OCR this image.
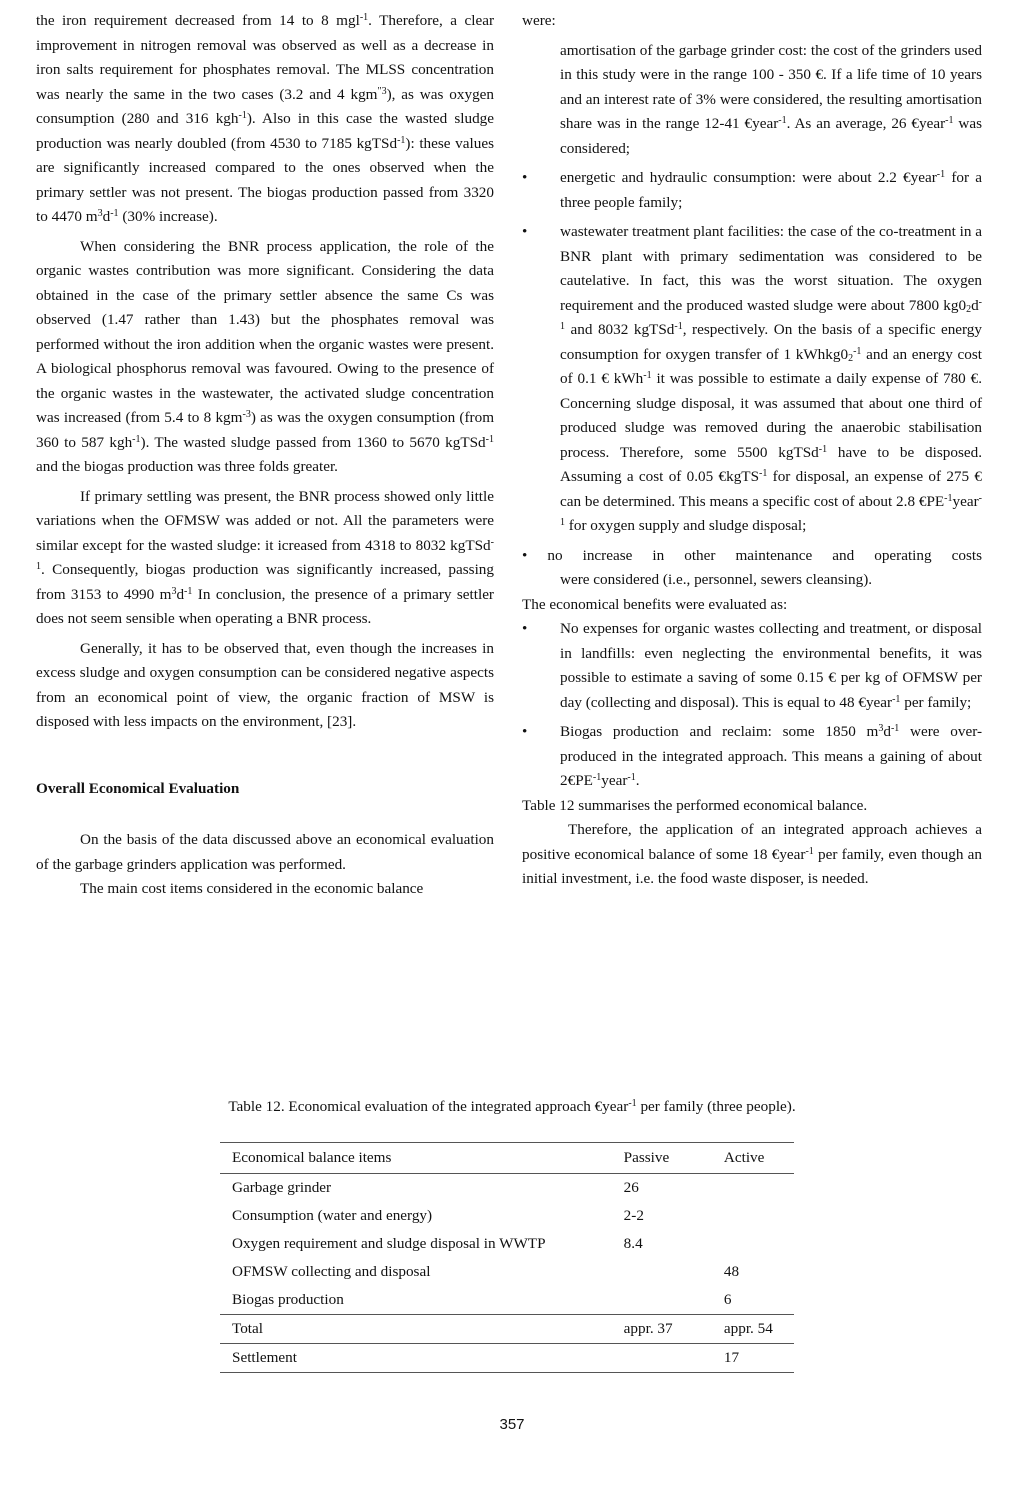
the iron requirement decreased from 14 to 8 mgl$^{-1}$. Therefore, a clear improvement in nitrogen removal was observed as well as a decrease in iron salts requirement for phosphates removal. The MLSS concentration was nearly the same in the two cases (3.2 and 4 kgm$^{"3}$), as was oxygen consumption (280 and 316 kgh$^{-1}$). Also in this case the wasted sludge production was nearly doubled (from 4530 to 7185 kgTSd$^{-1}$): these values are significantly increased compared to the ones observed when the primary settler was not present. The biogas production passed from 3320 to 4470 $m^3d^{-1}$ (30% increase).

When considering the BNR process application, the role of the organic wastes contribution was more significant. Considering the data obtained in the case of the primary settler absence the same Cs was observed (1.47 rather than 1.43) but the phosphates removal was performed without the iron addition when the organic wastes were present. A biological phosphorus removal was favoured. Owing to the presence of the organic wastes in the wastewater, the activated sludge concentration was increased (from 5.4 to 8 kgm$^{-3}$) as was the oxygen consumption (from 360 to 587 kgh$^{-1}$). The wasted sludge passed from 1360 to 5670 kgTSd$^{-1}$ and the biogas production was three folds greater.

If primary settling was present, the BNR process showed only little variations when the OFMSW was added or not. All the parameters were similar except for the wasted sludge: it icreased from 4318 to 8032 kgTSd$^{-1}$. Consequently, biogas production was significantly increased, passing from 3153 to 4990 $m^3d^{-1}$ In conclusion, the presence of a primary settler does not seem sensible when operating a BNR process.

Generally, it has to be observed that, even though the increases in excess sludge and oxygen consumption can be considered negative aspects from an economical point of view, the organic fraction of MSW is disposed with less impacts on the environment, [23].

Overall Economical Evaluation

On the basis of the data discussed above an economical evaluation of the garbage grinders application was performed.

The main cost items considered in the economic balance

were:

amortisation of the garbage grinder cost: the cost of the grinders used in this study were in the range 100 - 350 €. If a life time of 10 years and an interest rate of 3% were considered, the resulting amortisation share was in the range 12-41 €year$^{-1}$. As an average, 26 €year$^{-1}$ was considered;
•	energetic and hydraulic consumption: were about 2.2 €year$^{-1}$ for a three people family;
•	wastewater treatment plant facilities: the case of the co-treatment in a BNR plant with primary sedimentation was considered to be cautelative. In fact, this was the worst situation. The oxygen requirement and the produced wasted sludge were about 7800 $kg0_2d^{-1}$ and 8032 kgTSd$^{-1}$, respectively. On the basis of a specific energy consumption for oxygen transfer of 1 $kWhkg0_2^{-1}$ and an energy cost of 0.1 € kWh$^{-1}$ it was possible to estimate a daily expense of 780 €. Concerning sludge disposal, it was assumed that about one third of produced sludge was removed during the anaerobic stabilisation process. Therefore, some 5500 kgTSd$^{-1}$ have to be disposed. Assuming a cost of 0.05 €kgTS$^{-1}$ for disposal, an expense of 275 € can be determined. This means a specific cost of about 2.8 $€PE^{-1}year^{-1}$ for oxygen supply and sludge disposal;

• no increase in other maintenance and operating costs

were considered (i.e., personnel, sewers cleansing).

The economical benefits were evaluated as:

•	No expenses for organic wastes collecting and treatment, or disposal in landfills: even neglecting the environmental benefits, it was possible to estimate a saving of some 0.15 € per kg of OFMSW per day (collecting and disposal). This is equal to 48 €year$^{-1}$ per family;
•	Biogas production and reclaim: some 1850 $m^3d^{-1}$ were over-produced in the integrated approach. This means a gaining of about $2€PE^{-1}year^{-1}$.

Table 12 summarises the performed economical balance.

Therefore, the application of an integrated approach achieves a positive economical balance of some 18 €year$^{-1}$ per family, even though an initial investment, i.e. the food waste disposer, is needed.

Table 12. Economical evaluation of the integrated approach €year$^{-1}$ per family (three people).
Economical balance items	Passive	Active
Garbage grinder	26	
Consumption (water and energy)	2-2	
Oxygen requirement and sludge disposal in WWTP	8.4	
OFMSW collecting and disposal		48
Biogas production		6
Total	appr. 37	appr. 54
Settlement		17
357
